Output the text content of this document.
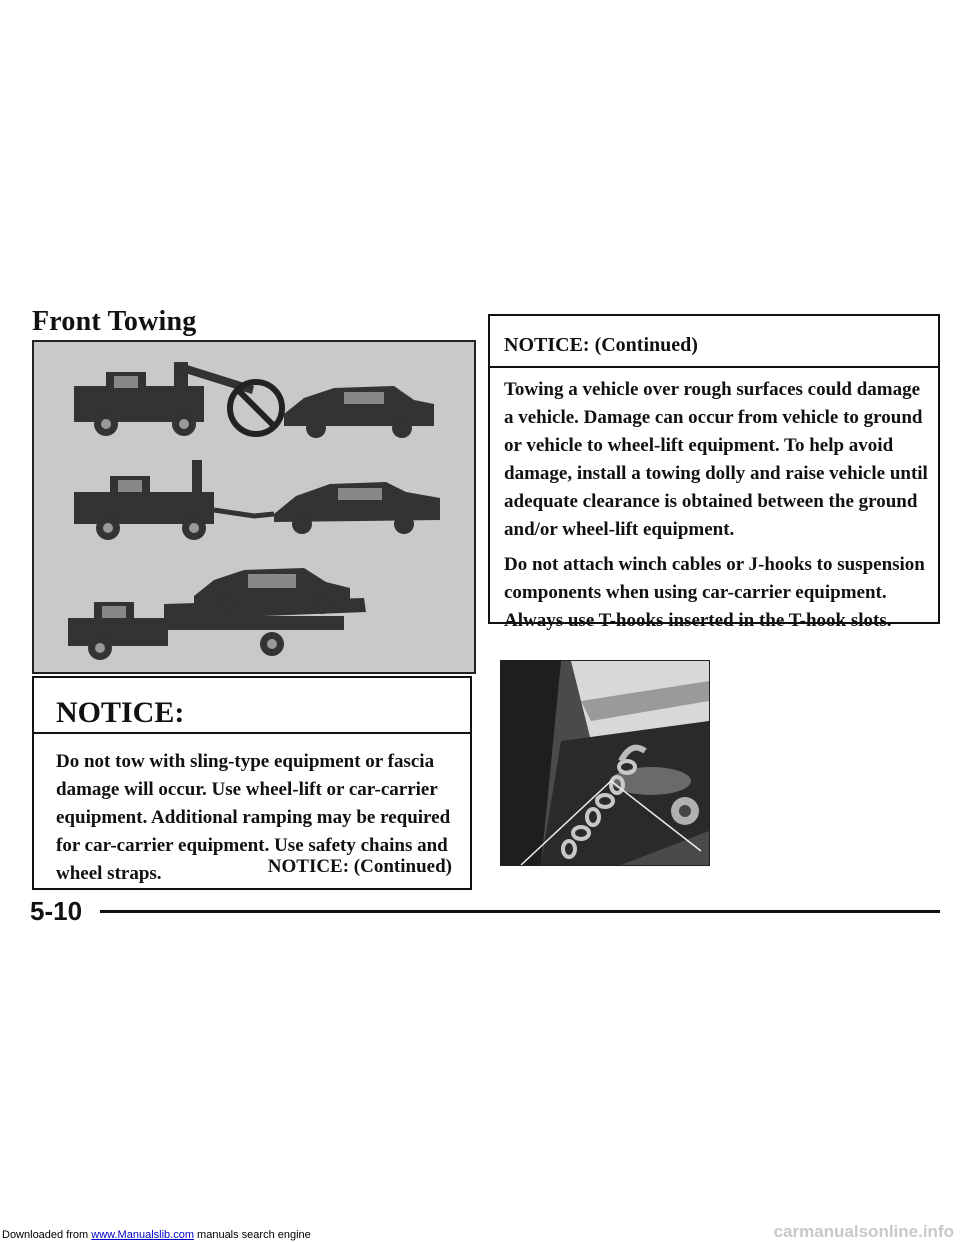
Front Towing
NOTICE:
Do not tow with sling-type equipment or fascia damage will occur. Use wheel-lift or car-carrier equipment. Additional ramping may be required for car-carrier equipment. Use safety chains and wheel straps.	NOTICE: (Continued)
NOTICE: (Continued)

Towing a vehicle over rough surfaces could damage a vehicle. Damage can occur from vehicle to ground or vehicle to wheel-lift equipment. To help avoid damage, install a towing dolly and raise vehicle until adequate clearance is obtained between the ground and/or wheel-lift equipment.

Do not attach winch cables or J-hooks to suspension components when using car-carrier equipment. Always use T-hooks inserted in the T-hook slots.

5-10
Downloaded from www.Manualslib.com manuals search engine	carmanualsonline.info
